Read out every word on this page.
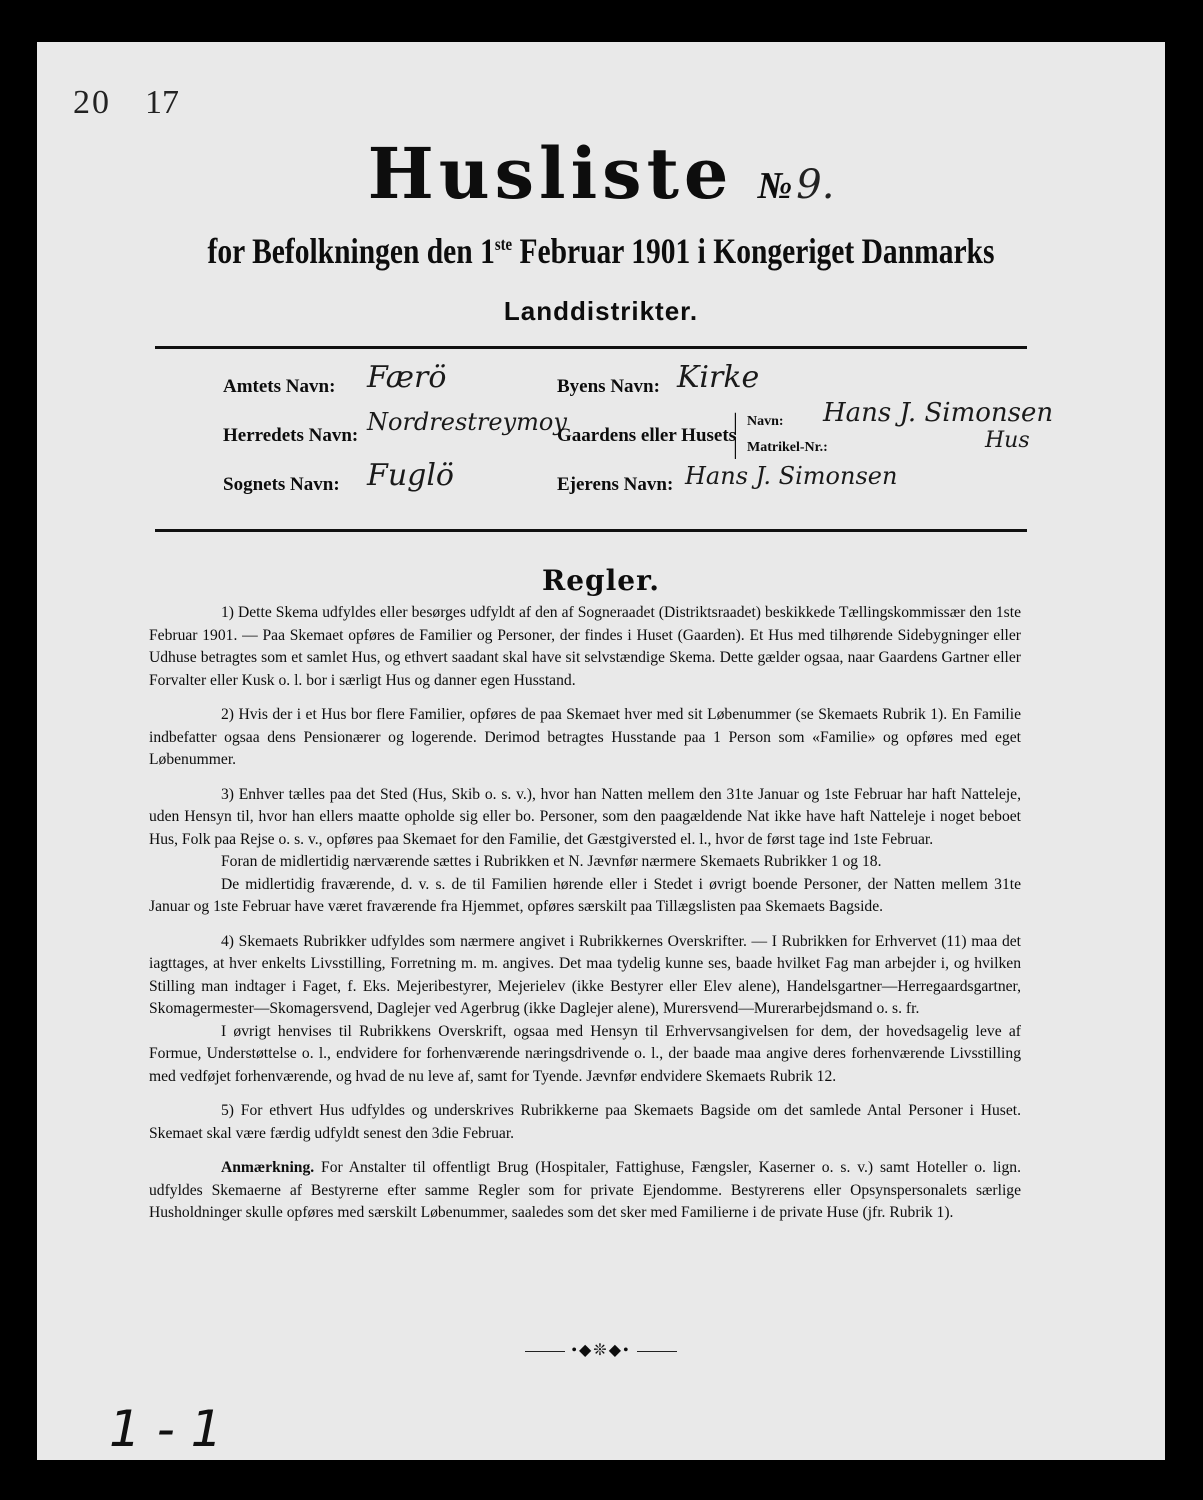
20 17
Husliste № 9.
for Befolkningen den 1ste Februar 1901 i Kongeriget Danmarks
Landdistrikter.
Amtets Navn: Færö	Byens Navn: Kirke
Herredets Navn: Nordrestreymoy
Gaardens eller Husets
|
|
Navn: Hans J. Simonsen
Hus
Matrikel-Nr.:
Sognets Navn: Fuglö	Ejerens Navn: Hans J. Simonsen
Regler.

1) Dette Skema udfyldes eller besørges udfyldt af den af Sogneraadet (Distriktsraadet) beskikkede Tællingskommissær den 1ste Februar 1901. — Paa Skemaet opføres de Familier og Personer, der findes i Huset (Gaarden). Et Hus med tilhørende Sidebygninger eller Udhuse betragtes som et samlet Hus, og ethvert saadant skal have sit selvstændige Skema. Dette gælder ogsaa, naar Gaardens Gartner eller Forvalter eller Kusk o. l. bor i særligt Hus og danner egen Husstand.

2) Hvis der i et Hus bor flere Familier, opføres de paa Skemaet hver med sit Løbenummer (se Skemaets Rubrik 1). En Familie indbefatter ogsaa dens Pensionærer og logerende. Derimod betragtes Husstande paa 1 Person som «Familie» og opføres med eget Løbenummer.

3) Enhver tælles paa det Sted (Hus, Skib o. s. v.), hvor han Natten mellem den 31te Januar og 1ste Februar har haft Natteleje, uden Hensyn til, hvor han ellers maatte opholde sig eller bo. Personer, som den paagældende Nat ikke have haft Natteleje i noget beboet Hus, Folk paa Rejse o. s. v., opføres paa Skemaet for den Familie, det Gæstgiversted el. l., hvor de først tage ind 1ste Februar.

Foran de midlertidig nærværende sættes i Rubrikken et N. Jævnfør nærmere Skemaets Rubrikker 1 og 18.

De midlertidig fraværende, d. v. s. de til Familien hørende eller i Stedet i øvrigt boende Personer, der Natten mellem 31te Januar og 1ste Februar have været fraværende fra Hjemmet, opføres særskilt paa Tillægslisten paa Skemaets Bagside.

4) Skemaets Rubrikker udfyldes som nærmere angivet i Rubrikkernes Overskrifter. — I Rubrikken for Erhvervet (11) maa det iagttages, at hver enkelts Livsstilling, Forretning m. m. angives. Det maa tydelig kunne ses, baade hvilket Fag man arbejder i, og hvilken Stilling man indtager i Faget, f. Eks. Mejeribestyrer, Mejerielev (ikke Bestyrer eller Elev alene), Handelsgartner—Herregaardsgartner, Skomagermester—Skomagersvend, Daglejer ved Agerbrug (ikke Daglejer alene), Murersvend—Murerarbejdsmand o. s. fr.

I øvrigt henvises til Rubrikkens Overskrift, ogsaa med Hensyn til Erhvervsangivelsen for dem, der hovedsagelig leve af Formue, Understøttelse o. l., endvidere for forhenværende næringsdrivende o. l., der baade maa angive deres forhenværende Livsstilling med vedføjet forhenværende, og hvad de nu leve af, samt for Tyende. Jævnfør endvidere Skemaets Rubrik 12.

5) For ethvert Hus udfyldes og underskrives Rubrikkerne paa Skemaets Bagside om det samlede Antal Personer i Huset. Skemaet skal være færdig udfyldt senest den 3die Februar.

Anmærkning. For Anstalter til offentligt Brug (Hospitaler, Fattighuse, Fængsler, Kaserner o. s. v.) samt Hoteller o. lign. udfyldes Skemaerne af Bestyrerne efter samme Regler som for private Ejendomme. Bestyrerens eller Opsynspersonalets særlige Husholdninger skulle opføres med særskilt Løbenummer, saaledes som det sker med Familierne i de private Huse (jfr. Rubrik 1).

•◆❊◆•
1 - 1
